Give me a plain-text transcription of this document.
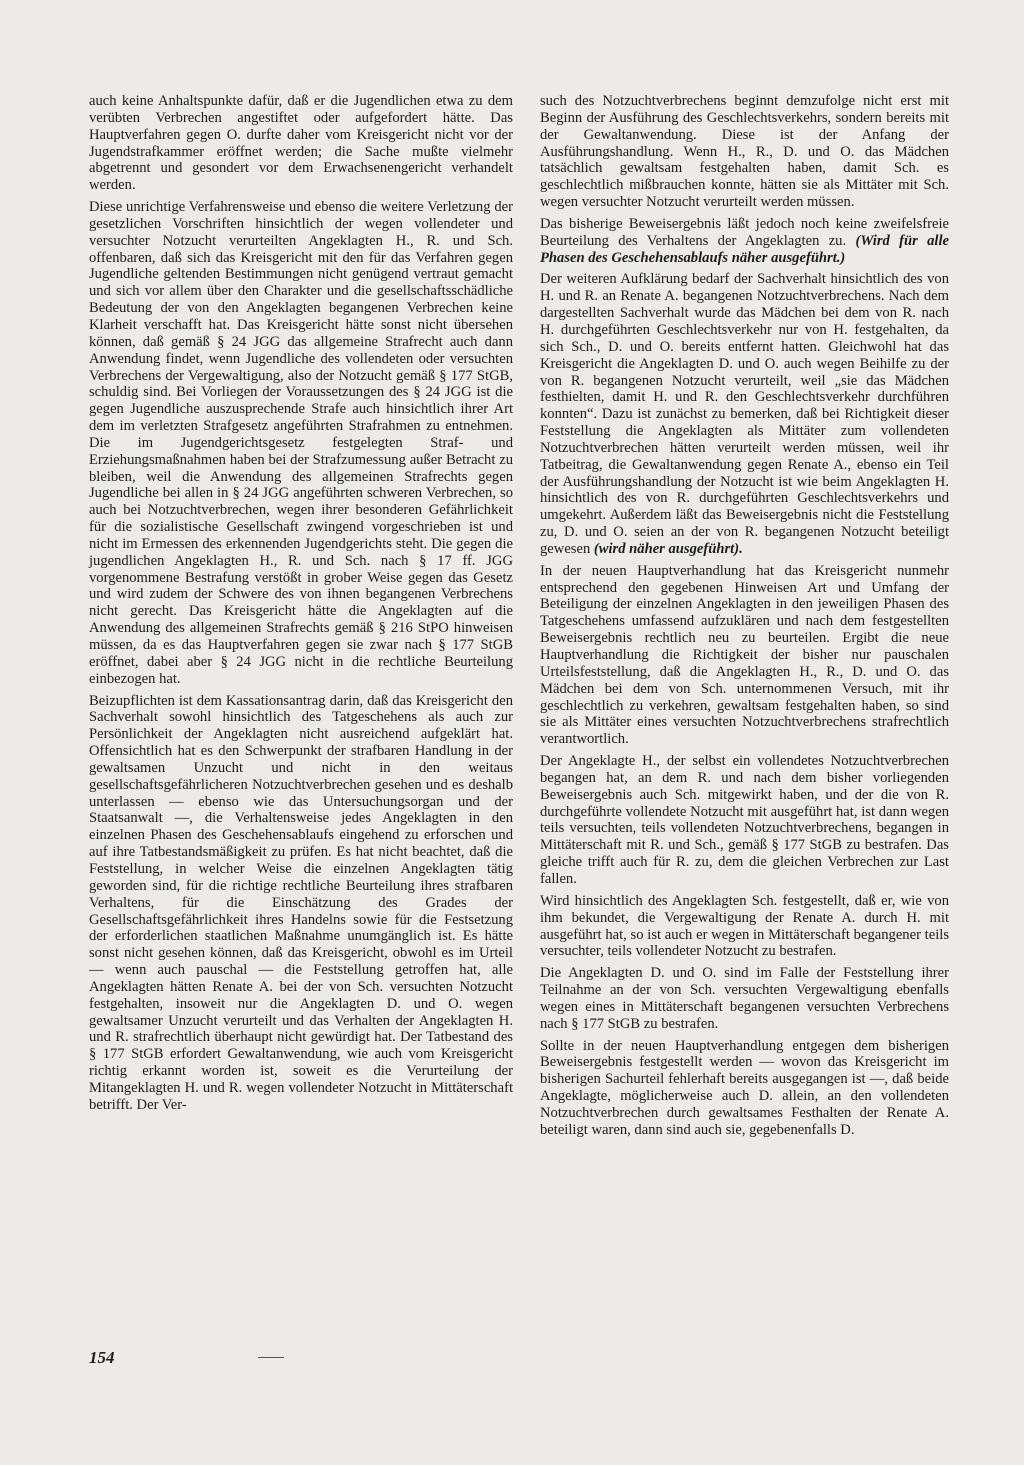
auch keine Anhaltspunkte dafür, daß er die Jugendlichen etwa zu dem verübten Verbrechen angestiftet oder aufgefordert hätte. Das Hauptverfahren gegen O. durfte daher vom Kreisgericht nicht vor der Jugendstrafkammer eröffnet werden; die Sache mußte vielmehr abgetrennt und gesondert vor dem Erwachsenengericht verhandelt werden.

Diese unrichtige Verfahrensweise und ebenso die weitere Verletzung der gesetzlichen Vorschriften hinsichtlich der wegen vollendeter und versuchter Notzucht verurteilten Angeklagten H., R. und Sch. offenbaren, daß sich das Kreisgericht mit den für das Verfahren gegen Jugendliche geltenden Bestimmungen nicht genügend vertraut gemacht und sich vor allem über den Charakter und die gesellschaftsschädliche Bedeutung der von den Angeklagten begangenen Verbrechen keine Klarheit verschafft hat. Das Kreisgericht hätte sonst nicht übersehen können, daß gemäß § 24 JGG das allgemeine Strafrecht auch dann Anwendung findet, wenn Jugendliche des vollendeten oder versuchten Verbrechens der Vergewaltigung, also der Notzucht gemäß § 177 StGB, schuldig sind. Bei Vorliegen der Voraussetzungen des § 24 JGG ist die gegen Jugendliche auszusprechende Strafe auch hinsichtlich ihrer Art dem im verletzten Strafgesetz angeführten Strafrahmen zu entnehmen. Die im Jugendgerichtsgesetz festgelegten Straf- und Erziehungsmaßnahmen haben bei der Strafzumessung außer Betracht zu bleiben, weil die Anwendung des allgemeinen Strafrechts gegen Jugendliche bei allen in § 24 JGG angeführten schweren Verbrechen, so auch bei Notzuchtverbrechen, wegen ihrer besonderen Gefährlichkeit für die sozialistische Gesellschaft zwingend vorgeschrieben ist und nicht im Ermessen des erkennenden Jugendgerichts steht. Die gegen die jugendlichen Angeklagten H., R. und Sch. nach § 17 ff. JGG vorgenommene Bestrafung verstößt in grober Weise gegen das Gesetz und wird zudem der Schwere des von ihnen begangenen Verbrechens nicht gerecht. Das Kreisgericht hätte die Angeklagten auf die Anwendung des allgemeinen Strafrechts gemäß § 216 StPO hinweisen müssen, da es das Hauptverfahren gegen sie zwar nach § 177 StGB eröffnet, dabei aber § 24 JGG nicht in die rechtliche Beurteilung einbezogen hat.

Beizupflichten ist dem Kassationsantrag darin, daß das Kreisgericht den Sachverhalt sowohl hinsichtlich des Tatgeschehens als auch zur Persönlichkeit der Angeklagten nicht ausreichend aufgeklärt hat. Offensichtlich hat es den Schwerpunkt der strafbaren Handlung in der gewaltsamen Unzucht und nicht in den weitaus gesellschaftsgefährlicheren Notzuchtverbrechen gesehen und es deshalb unterlassen — ebenso wie das Untersuchungsorgan und der Staatsanwalt —, die Verhaltensweise jedes Angeklagten in den einzelnen Phasen des Geschehensablaufs eingehend zu erforschen und auf ihre Tatbestandsmäßigkeit zu prüfen. Es hat nicht beachtet, daß die Feststellung, in welcher Weise die einzelnen Angeklagten tätig geworden sind, für die richtige rechtliche Beurteilung ihres strafbaren Verhaltens, für die Einschätzung des Grades der Gesellschaftsgefährlichkeit ihres Handelns sowie für die Festsetzung der erforderlichen staatlichen Maßnahme unumgänglich ist. Es hätte sonst nicht gesehen können, daß das Kreisgericht, obwohl es im Urteil — wenn auch pauschal — die Feststellung getroffen hat, alle Angeklagten hätten Renate A. bei der von Sch. versuchten Notzucht festgehalten, insoweit nur die Angeklagten D. und O. wegen gewaltsamer Unzucht verurteilt und das Verhalten der Angeklagten H. und R. strafrechtlich überhaupt nicht gewürdigt hat. Der Tatbestand des § 177 StGB erfordert Gewaltanwendung, wie auch vom Kreisgericht richtig erkannt worden ist, soweit es die Verurteilung der Mitangeklagten H. und R. wegen vollendeter Notzucht in Mittäterschaft betrifft. Der Ver-

such des Notzuchtverbrechens beginnt demzufolge nicht erst mit Beginn der Ausführung des Geschlechtsverkehrs, sondern bereits mit der Gewaltanwendung. Diese ist der Anfang der Ausführungshandlung. Wenn H., R., D. und O. das Mädchen tatsächlich gewaltsam festgehalten haben, damit Sch. es geschlechtlich mißbrauchen konnte, hätten sie als Mittäter mit Sch. wegen versuchter Notzucht verurteilt werden müssen.

Das bisherige Beweisergebnis läßt jedoch noch keine zweifelsfreie Beurteilung des Verhaltens der Angeklagten zu. (Wird für alle Phasen des Geschehensablaufs näher ausgeführt.)

Der weiteren Aufklärung bedarf der Sachverhalt hinsichtlich des von H. und R. an Renate A. begangenen Notzuchtverbrechens. Nach dem dargestellten Sachverhalt wurde das Mädchen bei dem von R. nach H. durchgeführten Geschlechtsverkehr nur von H. festgehalten, da sich Sch., D. und O. bereits entfernt hatten. Gleichwohl hat das Kreisgericht die Angeklagten D. und O. auch wegen Beihilfe zu der von R. begangenen Notzucht verurteilt, weil „sie das Mädchen festhielten, damit H. und R. den Geschlechtsverkehr durchführen konnten“. Dazu ist zunächst zu bemerken, daß bei Richtigkeit dieser Feststellung die Angeklagten als Mittäter zum vollendeten Notzuchtverbrechen hätten verurteilt werden müssen, weil ihr Tatbeitrag, die Gewaltanwendung gegen Renate A., ebenso ein Teil der Ausführungshandlung der Notzucht ist wie beim Angeklagten H. hinsichtlich des von R. durchgeführten Geschlechtsverkehrs und umgekehrt. Außerdem läßt das Beweisergebnis nicht die Feststellung zu, D. und O. seien an der von R. begangenen Notzucht beteiligt gewesen (wird näher ausgeführt).

In der neuen Hauptverhandlung hat das Kreisgericht nunmehr entsprechend den gegebenen Hinweisen Art und Umfang der Beteiligung der einzelnen Angeklagten in den jeweiligen Phasen des Tatgeschehens umfassend aufzuklären und nach dem festgestellten Beweisergebnis rechtlich neu zu beurteilen. Ergibt die neue Hauptverhandlung die Richtigkeit der bisher nur pauschalen Urteilsfeststellung, daß die Angeklagten H., R., D. und O. das Mädchen bei dem von Sch. unternommenen Versuch, mit ihr geschlechtlich zu verkehren, gewaltsam festgehalten haben, so sind sie als Mittäter eines versuchten Notzuchtverbrechens strafrechtlich verantwortlich.

Der Angeklagte H., der selbst ein vollendetes Notzuchtverbrechen begangen hat, an dem R. und nach dem bisher vorliegenden Beweisergebnis auch Sch. mitgewirkt haben, und der die von R. durchgeführte vollendete Notzucht mit ausgeführt hat, ist dann wegen teils versuchten, teils vollendeten Notzuchtverbrechens, begangen in Mittäterschaft mit R. und Sch., gemäß § 177 StGB zu bestrafen. Das gleiche trifft auch für R. zu, dem die gleichen Verbrechen zur Last fallen.

Wird hinsichtlich des Angeklagten Sch. festgestellt, daß er, wie von ihm bekundet, die Vergewaltigung der Renate A. durch H. mit ausgeführt hat, so ist auch er wegen in Mittäterschaft begangener teils versuchter, teils vollendeter Notzucht zu bestrafen.

Die Angeklagten D. und O. sind im Falle der Feststellung ihrer Teilnahme an der von Sch. versuchten Vergewaltigung ebenfalls wegen eines in Mittäterschaft begangenen versuchten Verbrechens nach § 177 StGB zu bestrafen.

Sollte in der neuen Hauptverhandlung entgegen dem bisherigen Beweisergebnis festgestellt werden — wovon das Kreisgericht im bisherigen Sachurteil fehlerhaft bereits ausgegangen ist —, daß beide Angeklagte, möglicherweise auch D. allein, an den vollendeten Notzuchtverbrechen durch gewaltsames Festhalten der Renate A. beteiligt waren, dann sind auch sie, gegebenenfalls D.

154
